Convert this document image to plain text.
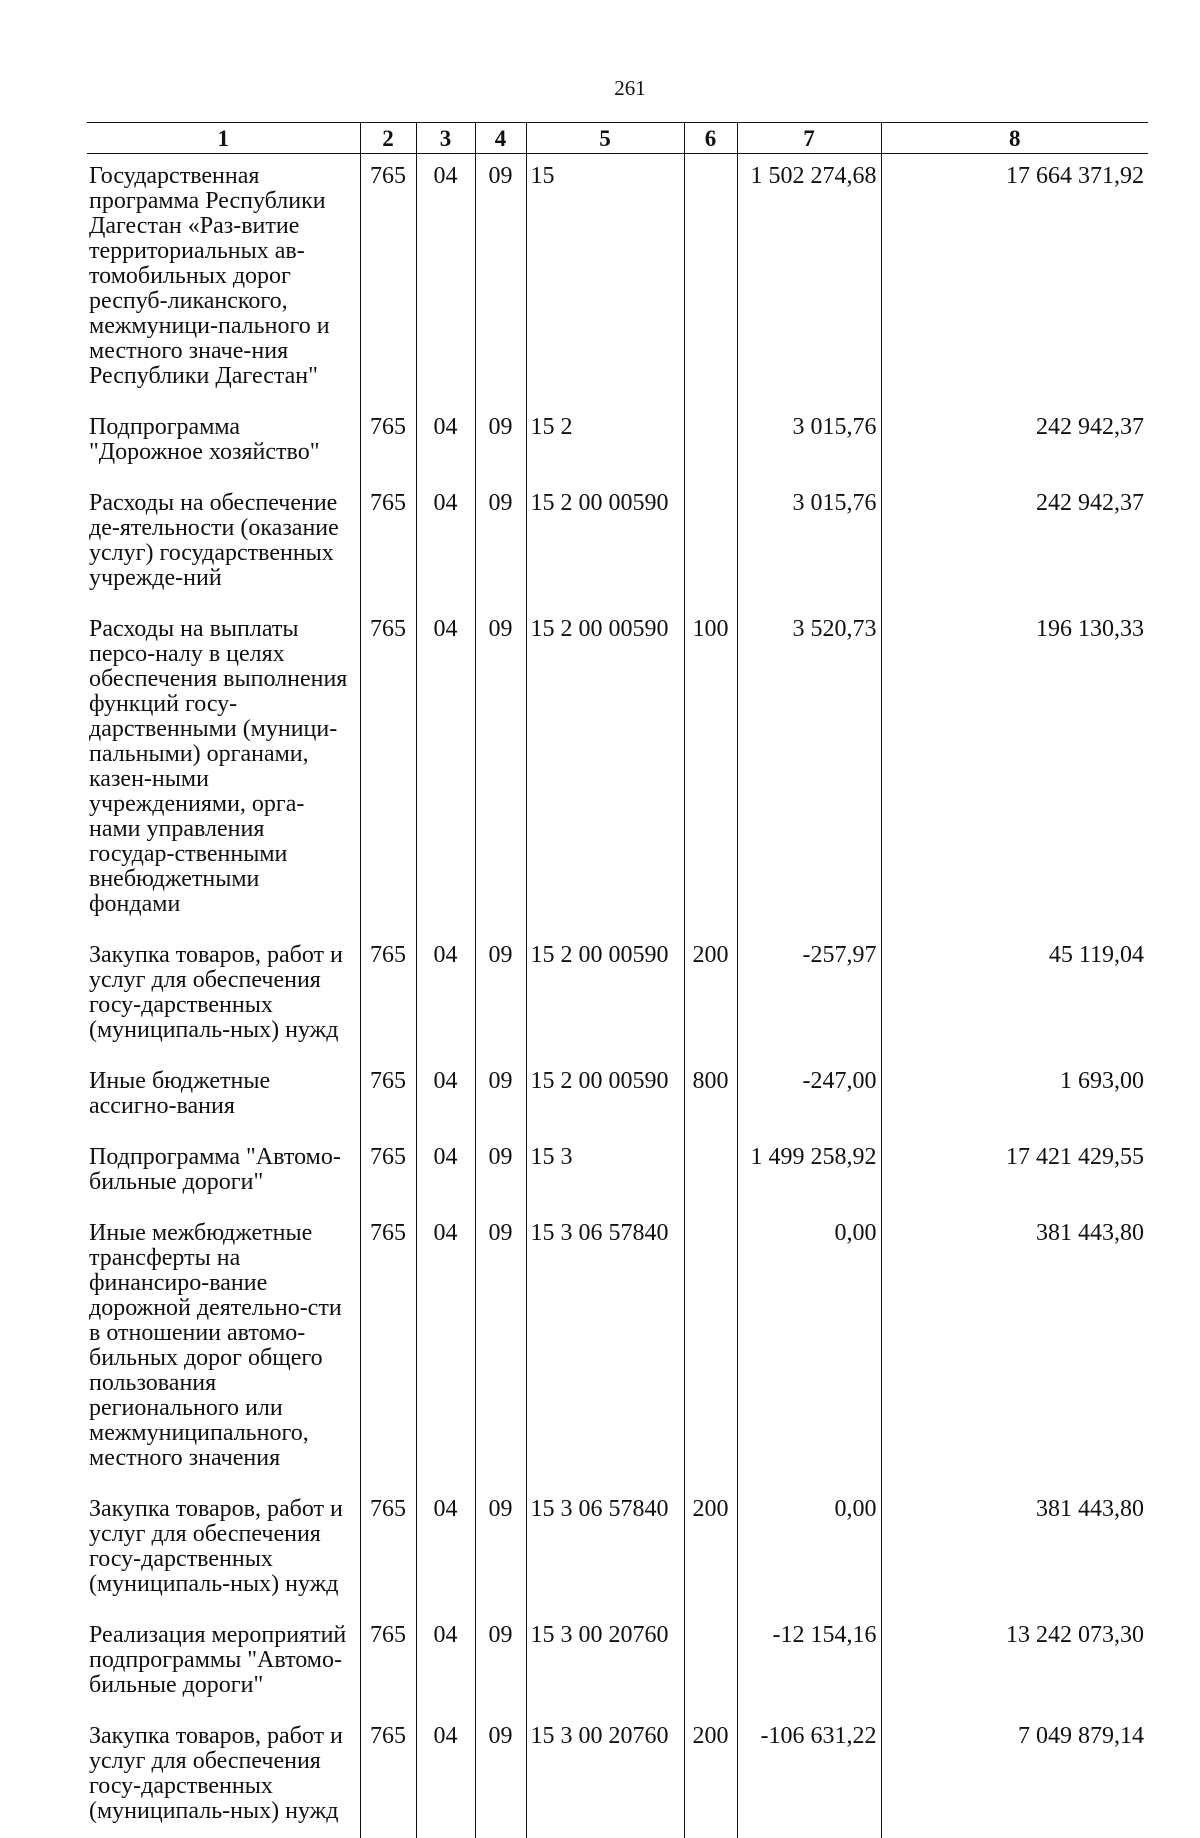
261
1	2	3	4	5	6	7	8
Государственная программа Республики Дагестан «Раз-витие территориальных ав-томобильных дорог респуб-ликанского, межмуници-пального и местного значе-ния Республики Дагестан"	765	04	09	15		1 502 274,68	17 664 371,92
Подпрограмма "Дорожное хозяйство"	765	04	09	15 2		3 015,76	242 942,37
Расходы на обеспечение де-ятельности (оказание услуг) государственных учрежде-ний	765	04	09	15 2 00 00590		3 015,76	242 942,37
Расходы на выплаты персо-налу в целях обеспечения выполнения функций госу-дарственными (муници-пальными) органами, казен-ными учреждениями, орга-нами управления государ-ственными внебюджетными фондами	765	04	09	15 2 00 00590	100	3 520,73	196 130,33
Закупка товаров, работ и услуг для обеспечения госу-дарственных (муниципаль-ных) нужд	765	04	09	15 2 00 00590	200	-257,97	45 119,04
Иные бюджетные ассигно-вания	765	04	09	15 2 00 00590	800	-247,00	1 693,00
Подпрограмма "Автомо-бильные дороги"	765	04	09	15 3		1 499 258,92	17 421 429,55
Иные межбюджетные трансферты на финансиро-вание дорожной деятельно-сти в отношении автомо-бильных дорог общего пользования регионального или межмуниципального, местного значения	765	04	09	15 3 06 57840		0,00	381 443,80
Закупка товаров, работ и услуг для обеспечения госу-дарственных (муниципаль-ных) нужд	765	04	09	15 3 06 57840	200	0,00	381 443,80
Реализация мероприятий подпрограммы "Автомо-бильные дороги"	765	04	09	15 3 00 20760		-12 154,16	13 242 073,30
Закупка товаров, работ и услуг для обеспечения госу-дарственных (муниципаль-ных) нужд	765	04	09	15 3 00 20760	200	-106 631,22	7 049 879,14
